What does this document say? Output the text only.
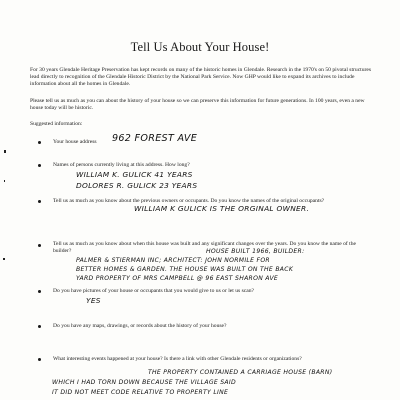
Tell Us About Your House!
For 30 years Glendale Heritage Preservation has kept records on many of the historic homes in Glendale. Research in the 1970's on 50 pivotal structures lead directly to recognition of the Glendale Historic District by the National Park Service. Now GHP would like to expand its archives to include information about all the homes in Glendale.
Please tell us as much as you can about the history of your house so we can preserve this information for future generations. In 100 years, even a new house today will be historic.
Suggested information:
Your house address	962 FOREST AVE
Names of persons currently living at this address. How long?
WILLIAM K. GULICK 41 YEARS
DOLORES R. GULICK 23 YEARS
Tell us as much as you know about the previous owners or occupants. Do you know the names of the original occupants?
WILLIAM K GULICK IS THE ORGINAL OWNER.
Tell us as much as you know about when this house was built and any significant changes over the years. Do you know the name of the builder?	HOUSE BUILT 1966, BUILDER:
PALMER & STIERMAN INC; ARCHITECT: JOHN NORMILE FOR
BETTER HOMES & GARDEN. THE HOUSE WAS BUILT ON THE BACK
YARD PROPERTY OF MRS CAMPBELL @ 96 EAST SHARON AVE
Do you have pictures of your house or occupants that you would give to us or let us scan?
YES
Do you have any maps, drawings, or records about the history of your house?
What interesting events happened at your house? Is there a link with other Glendale residents or organizations?
THE PROPERTY CONTAINED A CARRIAGE HOUSE (BARN)
WHICH I HAD TORN DOWN BECAUSE THE VILLAGE SAID
IT DID NOT MEET CODE RELATIVE TO PROPERTY LINE
